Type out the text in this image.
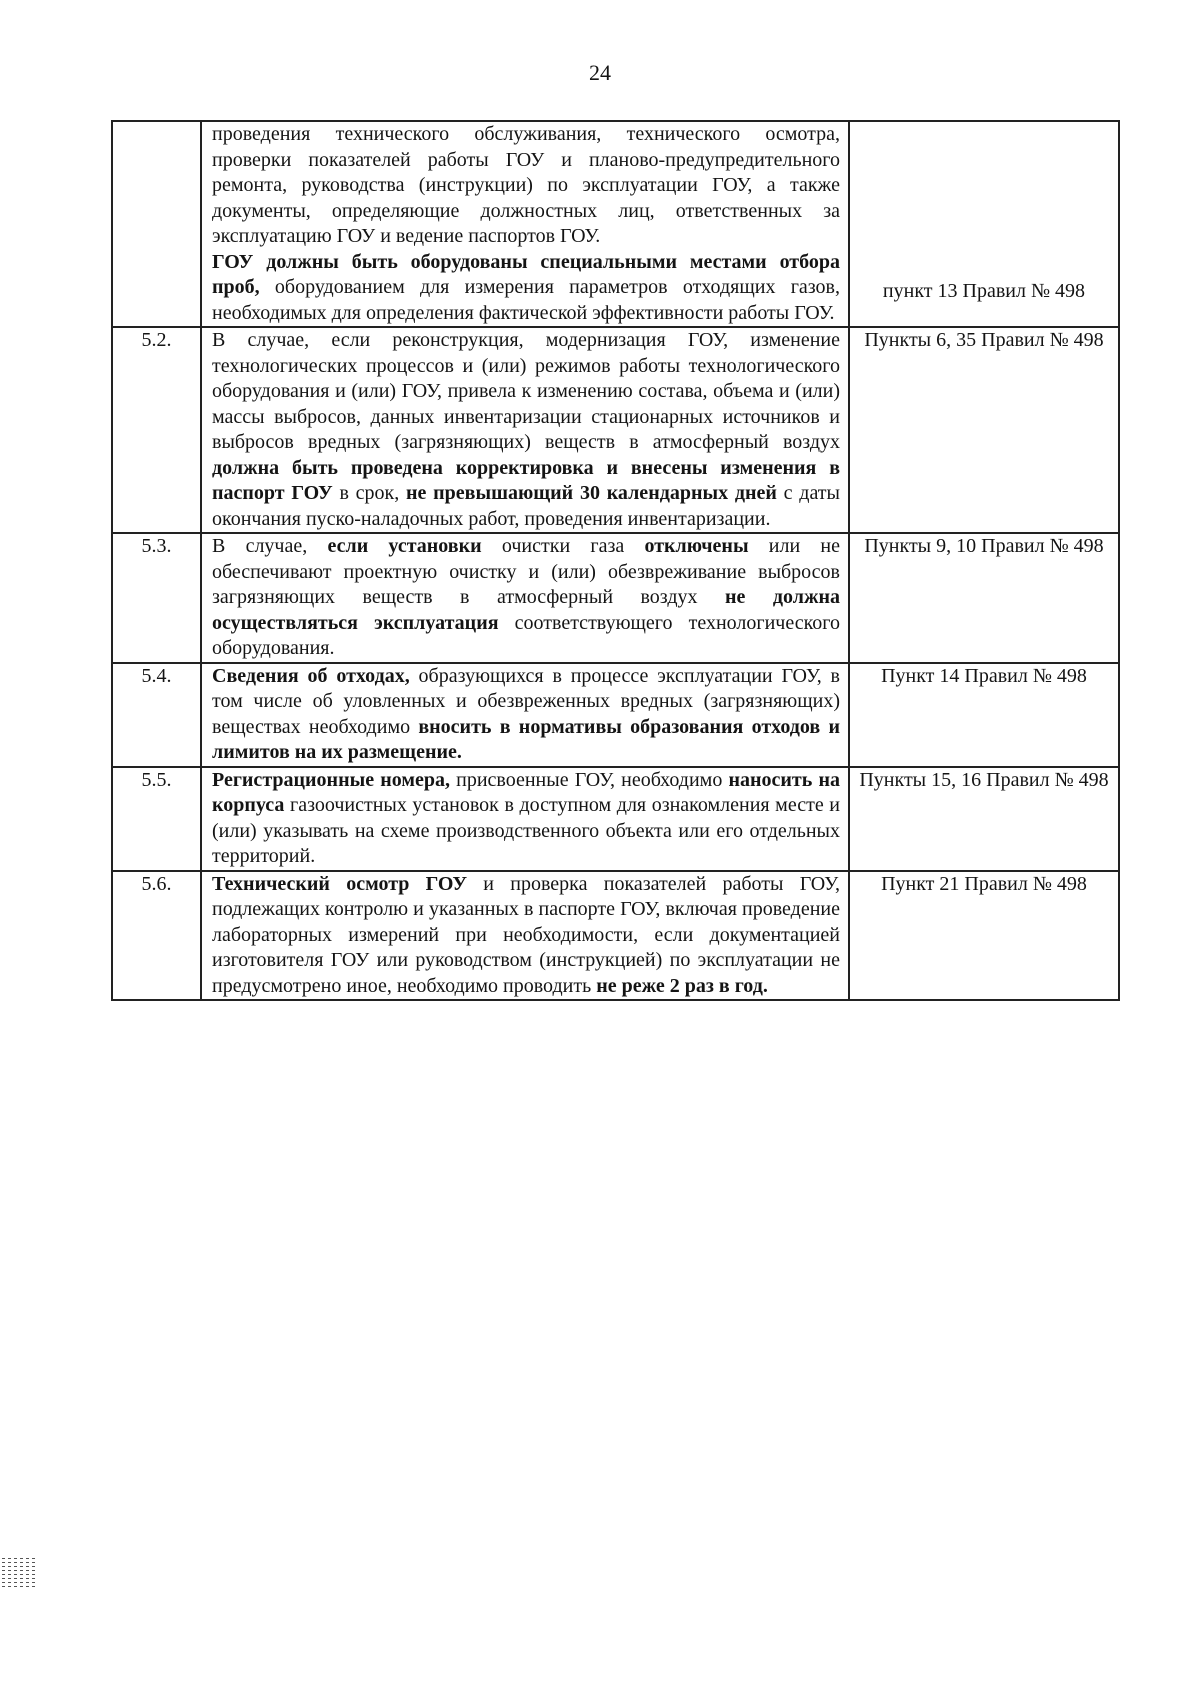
24

	проведения технического обслуживания, технического осмотра, проверки показателей работы ГОУ и планово-предупредительного ремонта, руководства (инструкции) по эксплуатации ГОУ, а также документы, определяющие должностных лиц, ответственных за эксплуатацию ГОУ и ведение паспортов ГОУ.

ГОУ должны быть оборудованы специальными местами отбора проб, оборудованием для измерения параметров отходящих газов, необходимых для определения фактической эффективности работы ГОУ.	пункт 13 Правил № 498
5.2.	В случае, если реконструкция, модернизация ГОУ, изменение технологических процессов и (или) режимов работы технологического оборудования и (или) ГОУ, привела к изменению состава, объема и (или) массы выбросов, данных инвентаризации стационарных источников и выбросов вредных (загрязняющих) веществ в атмосферный воздух должна быть проведена корректировка и внесены изменения в паспорт ГОУ в срок, не превышающий 30 календарных дней с даты окончания пуско-наладочных работ, проведения инвентаризации.	Пункты 6, 35 Правил № 498
5.3.	В случае, если установки очистки газа отключены или не обеспечивают проектную очистку и (или) обезвреживание выбросов загрязняющих веществ в атмосферный воздух не должна осуществляться эксплуатация соответствующего технологического оборудования.	Пункты 9, 10 Правил № 498
5.4.	Сведения об отходах, образующихся в процессе эксплуатации ГОУ, в том числе об уловленных и обезвреженных вредных (загрязняющих) веществах необходимо вносить в нормативы образования отходов и лимитов на их размещение.	Пункт 14 Правил № 498
5.5.	Регистрационные номера, присвоенные ГОУ, необходимо наносить на корпуса газоочистных установок в доступном для ознакомления месте и (или) указывать на схеме производственного объекта или его отдельных территорий.	Пункты 15, 16 Правил № 498
5.6.	Технический осмотр ГОУ и проверка показателей работы ГОУ, подлежащих контролю и указанных в паспорте ГОУ, включая проведение лабораторных измерений при необходимости, если документацией изготовителя ГОУ или руководством (инструкцией) по эксплуатации не предусмотрено иное, необходимо проводить не реже 2 раз в год.	Пункт 21 Правил № 498
